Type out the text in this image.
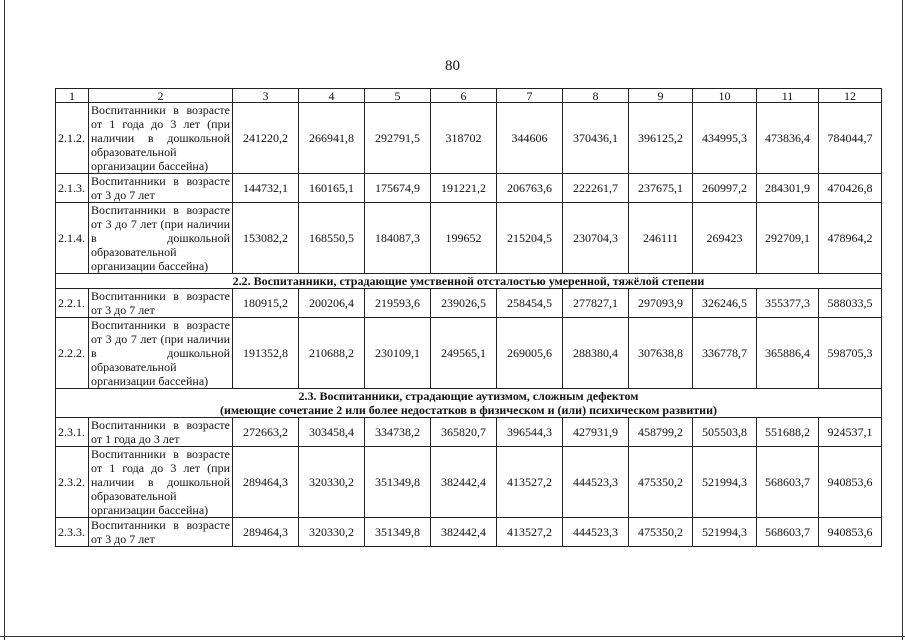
80
1	2	3	4	5	6	7	8	9	10	11	12
2.1.2.	Воспитанники в возрасте от 1 года до 3 лет (при наличии в дошкольной образовательной организации бассейна)	241220,2	266941,8	292791,5	318702	344606	370436,1	396125,2	434995,3	473836,4	784044,7
2.1.3.	Воспитанники в возрасте от 3 до 7 лет	144732,1	160165,1	175674,9	191221,2	206763,6	222261,7	237675,1	260997,2	284301,9	470426,8
2.1.4.	Воспитанники в возрасте от 3 до 7 лет (при наличии в дошкольной образовательной организации бассейна)	153082,2	168550,5	184087,3	199652	215204,5	230704,3	246111	269423	292709,1	478964,2

2.2. Воспитанники, страдающие умственной отсталостью умеренной, тяжёлой степени											

2.2.1.	Воспитанники в возрасте от 3 до 7 лет	180915,2	200206,4	219593,6	239026,5	258454,5	277827,1	297093,9	326246,5	355377,3	588033,5
2.2.2.	Воспитанники в возрасте от 3 до 7 лет (при наличии в дошкольной образовательной организации бассейна)	191352,8	210688,2	230109,1	249565,1	269005,6	288380,4	307638,8	336778,7	365886,4	598705,3

2.3. Воспитанники, страдающие аутизмом, сложным дефектом
(имеющие сочетание 2 или более недостатков в физическом и (или) психическом развитии)											

2.3.1.	Воспитанники в возрасте от 1 года до 3 лет	272663,2	303458,4	334738,2	365820,7	396544,3	427931,9	458799,2	505503,8	551688,2	924537,1
2.3.2.	Воспитанники в возрасте от 1 года до 3 лет (при наличии в дошкольной образовательной организации бассейна)	289464,3	320330,2	351349,8	382442,4	413527,2	444523,3	475350,2	521994,3	568603,7	940853,6
2.3.3.	Воспитанники в возрасте от 3 до 7 лет	289464,3	320330,2	351349,8	382442,4	413527,2	444523,3	475350,2	521994,3	568603,7	940853,6
